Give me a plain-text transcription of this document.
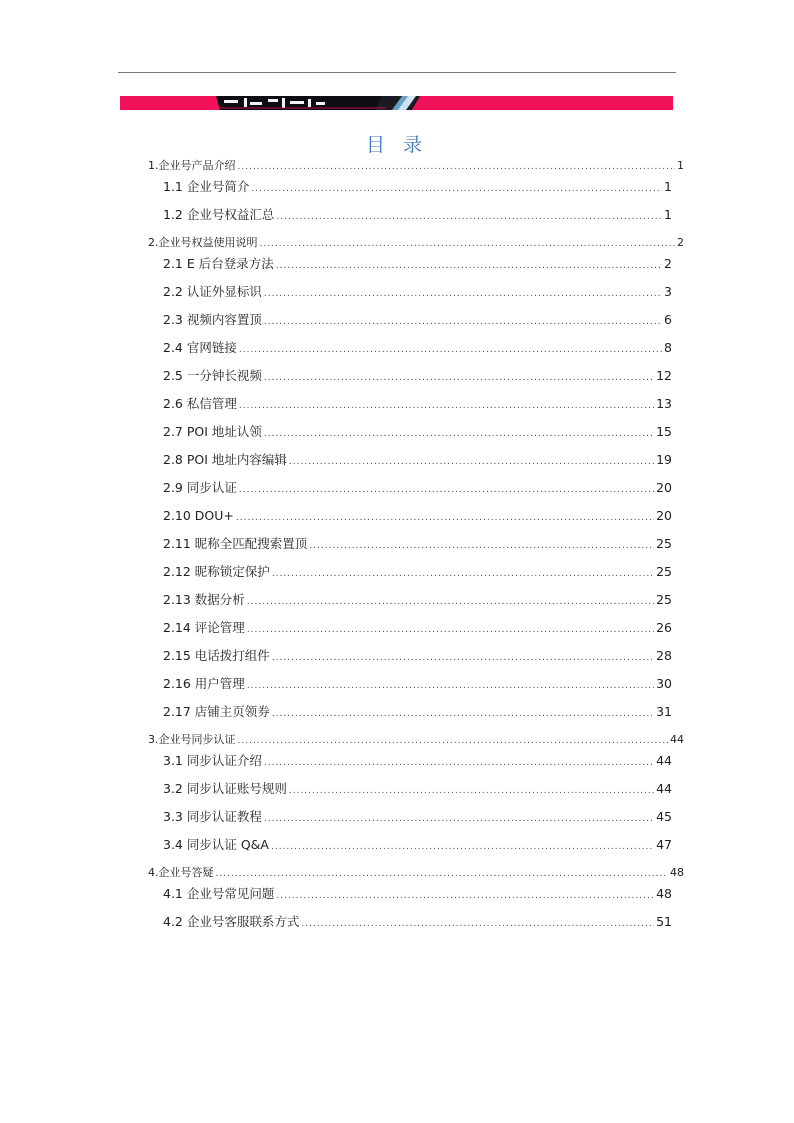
目 录
1.企业号产品介绍 .....	1
1.1 企业号简介 .....	1
1.2 企业号权益汇总 .....	1
2.企业号权益使用说明 .....	2
2.1 E 后台登录方法 .....	2
2.2 认证外显标识 .....	3
2.3 视频内容置顶 .....	6
2.4 官网链接 .....	8
2.5 一分钟长视频 .....	12
2.6 私信管理 .....	13
2.7 POI 地址认领 .....	15
2.8 POI 地址内容编辑 .....	19
2.9 同步认证 .....	20
2.10 DOU+ .....	20
2.11 昵称全匹配搜索置顶 .....	25
2.12 昵称锁定保护 .....	25
2.13 数据分析 .....	25
2.14 评论管理 .....	26
2.15 电话拨打组件 .....	28
2.16 用户管理 .....	30
2.17 店铺主页领券 .....	31
3.企业号同步认证 .....	44
3.1 同步认证介绍 .....	44
3.2 同步认证账号规则 .....	44
3.3 同步认证教程 .....	45
3.4 同步认证 Q&A .....	47
4.企业号答疑 .....	48
4.1 企业号常见问题 .....	48
4.2 企业号客服联系方式 .....	51
